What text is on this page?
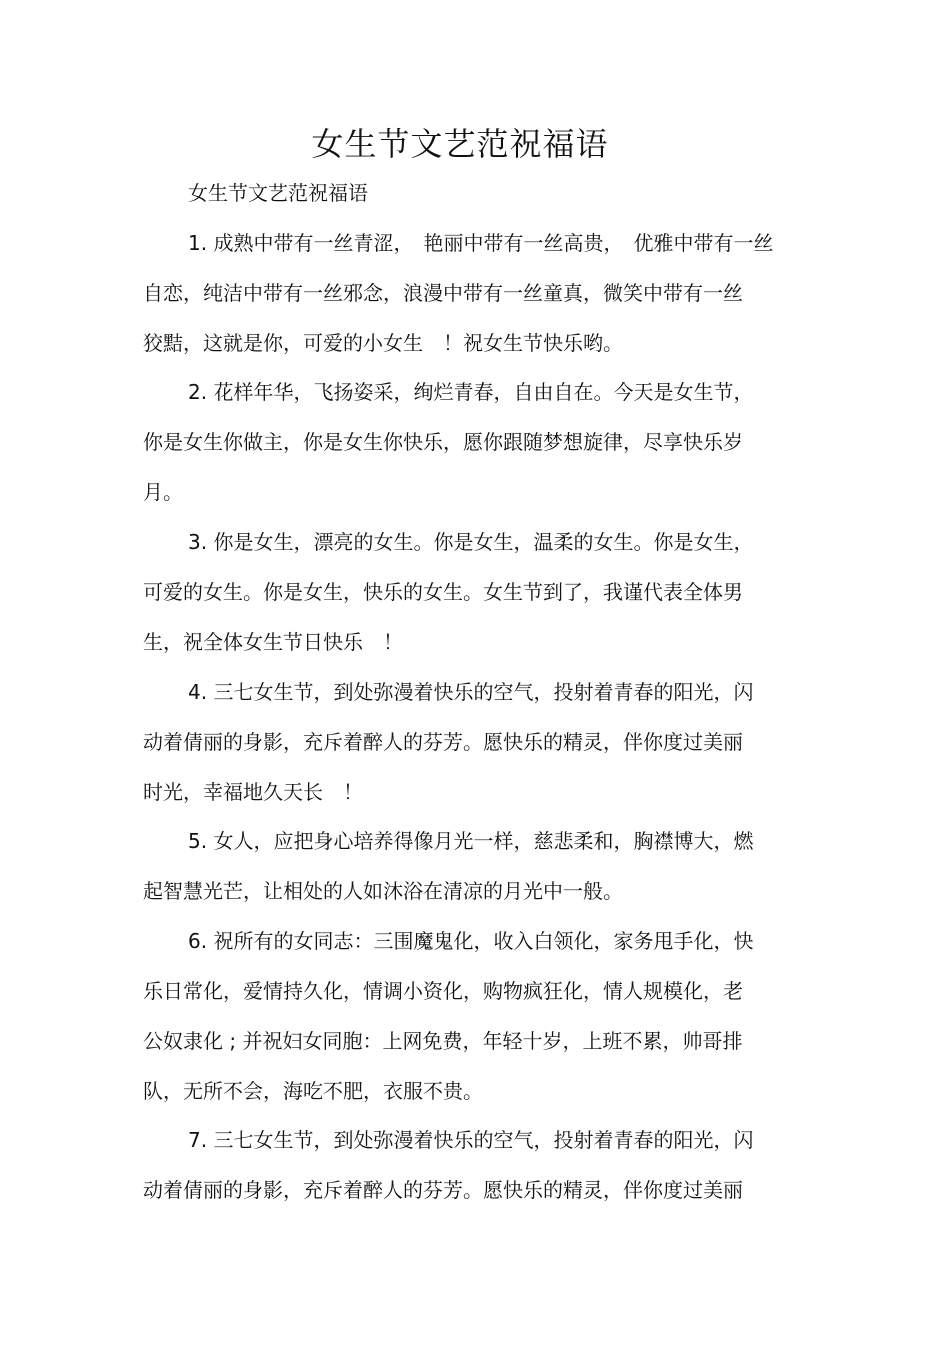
女生节文艺范祝福语

女生节文艺范祝福语

1. 成熟中带有一丝青涩，　艳丽中带有一丝高贵，　优雅中带有一丝

自恋，纯洁中带有一丝邪念，浪漫中带有一丝童真，微笑中带有一丝

狡黠，这就是你，可爱的小女生　！祝女生节快乐哟。

2. 花样年华，飞扬姿采，绚烂青春，自由自在。今天是女生节，

你是女生你做主，你是女生你快乐，愿你跟随梦想旋律，尽享快乐岁

月。

3. 你是女生，漂亮的女生。你是女生，温柔的女生。你是女生，

可爱的女生。你是女生，快乐的女生。女生节到了，我谨代表全体男

生，祝全体女生节日快乐　！

4. 三七女生节，到处弥漫着快乐的空气，投射着青春的阳光，闪

动着倩丽的身影，充斥着醉人的芬芳。愿快乐的精灵，伴你度过美丽

时光，幸福地久天长　！

5. 女人，应把身心培养得像月光一样，慈悲柔和，胸襟博大，燃

起智慧光芒，让相处的人如沐浴在清凉的月光中一般。

6. 祝所有的女同志：三围魔鬼化，收入白领化，家务甩手化，快

乐日常化，爱情持久化，情调小资化，购物疯狂化，情人规模化，老

公奴隶化 ; 并祝妇女同胞：上网免费，年轻十岁，上班不累，帅哥排

队，无所不会，海吃不肥，衣服不贵。

7. 三七女生节，到处弥漫着快乐的空气，投射着青春的阳光，闪

动着倩丽的身影，充斥着醉人的芬芳。愿快乐的精灵，伴你度过美丽
